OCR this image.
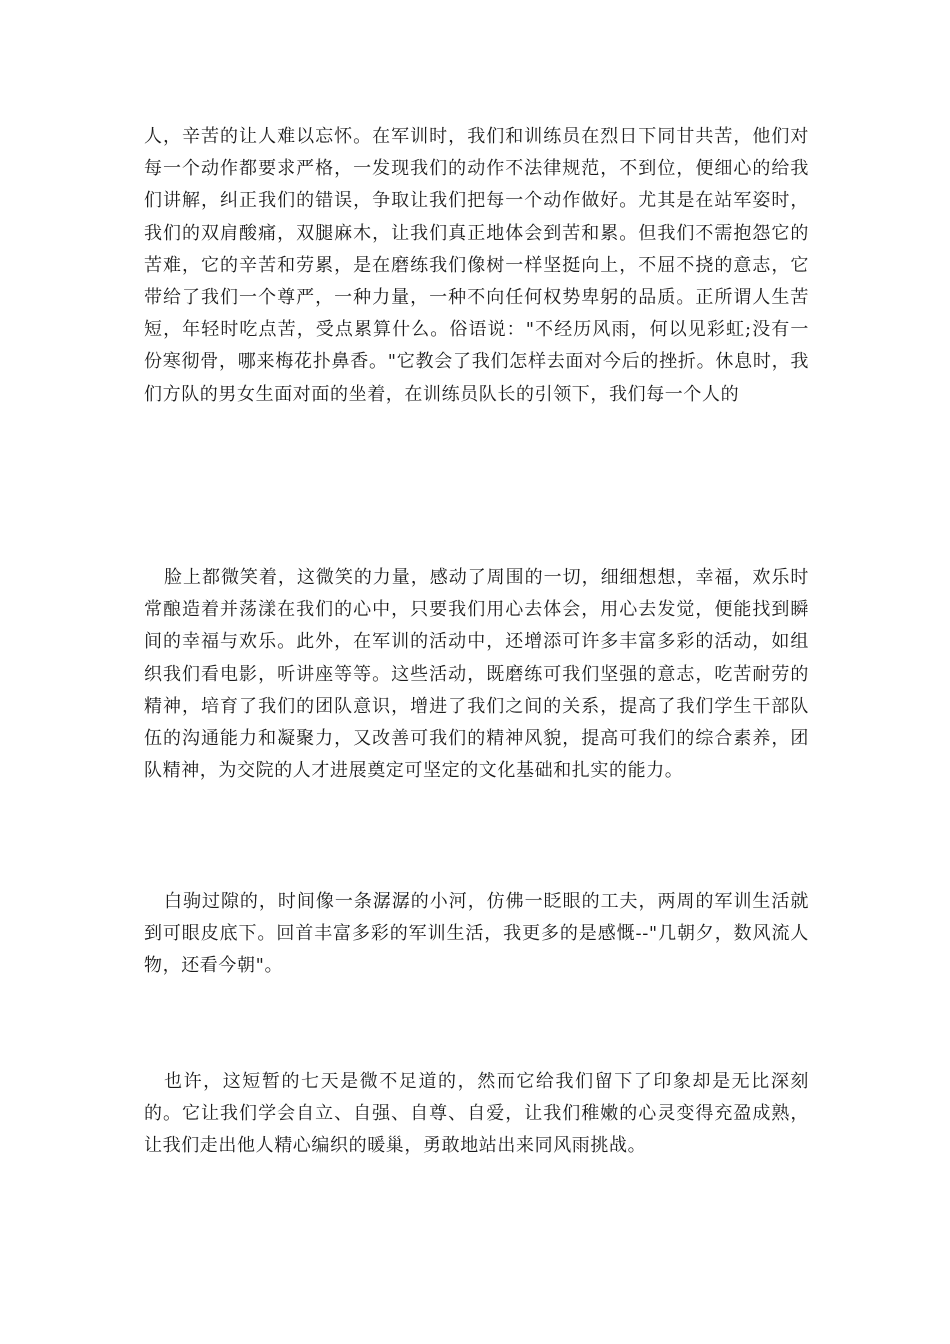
人，辛苦的让人难以忘怀。在军训时，我们和训练员在烈日下同甘共苦，他们对每一个动作都要求严格，一发现我们的动作不法律规范，不到位，便细心的给我们讲解，纠正我们的错误，争取让我们把每一个动作做好。尤其是在站军姿时，我们的双肩酸痛，双腿麻木，让我们真正地体会到苦和累。但我们不需抱怨它的苦难，它的辛苦和劳累，是在磨练我们像树一样坚挺向上，不屈不挠的意志，它带给了我们一个尊严，一种力量，一种不向任何权势卑躬的品质。正所谓人生苦短，年轻时吃点苦，受点累算什么。俗语说："不经历风雨，何以见彩虹;没有一份寒彻骨，哪来梅花扑鼻香。"它教会了我们怎样去面对今后的挫折。休息时，我们方队的男女生面对面的坐着，在训练员队长的引领下，我们每一个人的

脸上都微笑着，这微笑的力量，感动了周围的一切，细细想想，幸福，欢乐时常酿造着并荡漾在我们的心中，只要我们用心去体会，用心去发觉，便能找到瞬间的幸福与欢乐。此外，在军训的活动中，还增添可许多丰富多彩的活动，如组织我们看电影，听讲座等等。这些活动，既磨练可我们坚强的意志，吃苦耐劳的精神，培育了我们的团队意识，增进了我们之间的关系，提高了我们学生干部队伍的沟通能力和凝聚力，又改善可我们的精神风貌，提高可我们的综合素养，团队精神，为交院的人才进展奠定可坚定的文化基础和扎实的能力。

白驹过隙的，时间像一条潺潺的小河，仿佛一眨眼的工夫，两周的军训生活就到可眼皮底下。回首丰富多彩的军训生活，我更多的是感慨--"几朝夕，数风流人物，还看今朝"。

也许，这短暂的七天是微不足道的，然而它给我们留下了印象却是无比深刻的。它让我们学会自立、自强、自尊、自爱，让我们稚嫩的心灵变得充盈成熟，让我们走出他人精心编织的暖巢，勇敢地站出来同风雨挑战。
